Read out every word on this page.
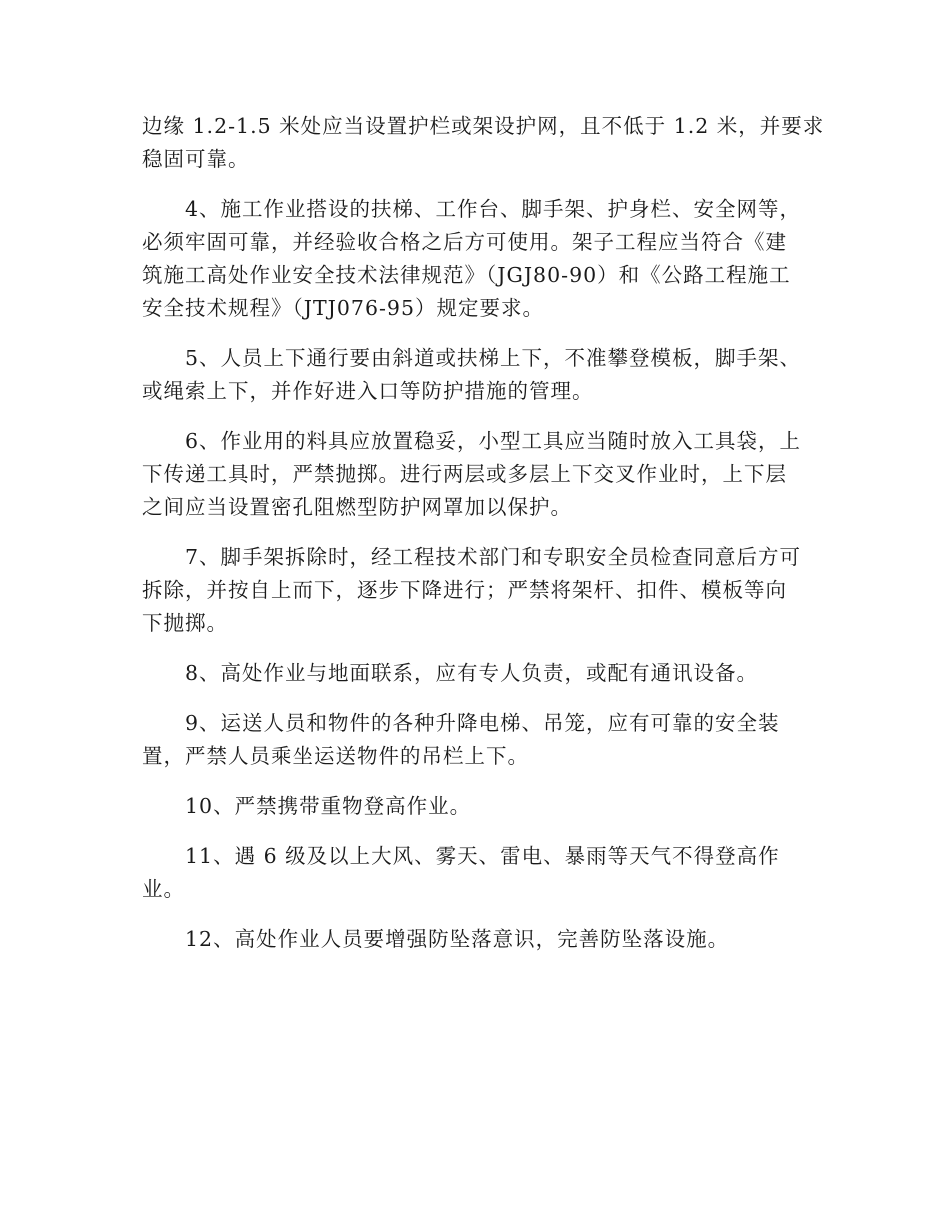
边缘 1.2-1.5 米处应当设置护栏或架设护网，且不低于 1.2 米，并要求
稳固可靠。

4、施工作业搭设的扶梯、工作台、脚手架、护身栏、安全网等，
必须牢固可靠，并经验收合格之后方可使用。架子工程应当符合《建
筑施工高处作业安全技术法律规范》（JGJ80-90）和《公路工程施工
安全技术规程》（JTJ076-95）规定要求。

5、人员上下通行要由斜道或扶梯上下，不准攀登模板，脚手架、
或绳索上下，并作好进入口等防护措施的管理。

6、作业用的料具应放置稳妥，小型工具应当随时放入工具袋，上
下传递工具时，严禁抛掷。进行两层或多层上下交叉作业时，上下层
之间应当设置密孔阻燃型防护网罩加以保护。

7、脚手架拆除时，经工程技术部门和专职安全员检查同意后方可
拆除，并按自上而下，逐步下降进行；严禁将架杆、扣件、模板等向
下抛掷。

8、高处作业与地面联系，应有专人负责，或配有通讯设备。

9、运送人员和物件的各种升降电梯、吊笼，应有可靠的安全装
置，严禁人员乘坐运送物件的吊栏上下。

10、严禁携带重物登高作业。

11、遇 6 级及以上大风、雾天、雷电、暴雨等天气不得登高作
业。

12、高处作业人员要增强防坠落意识，完善防坠落设施。
